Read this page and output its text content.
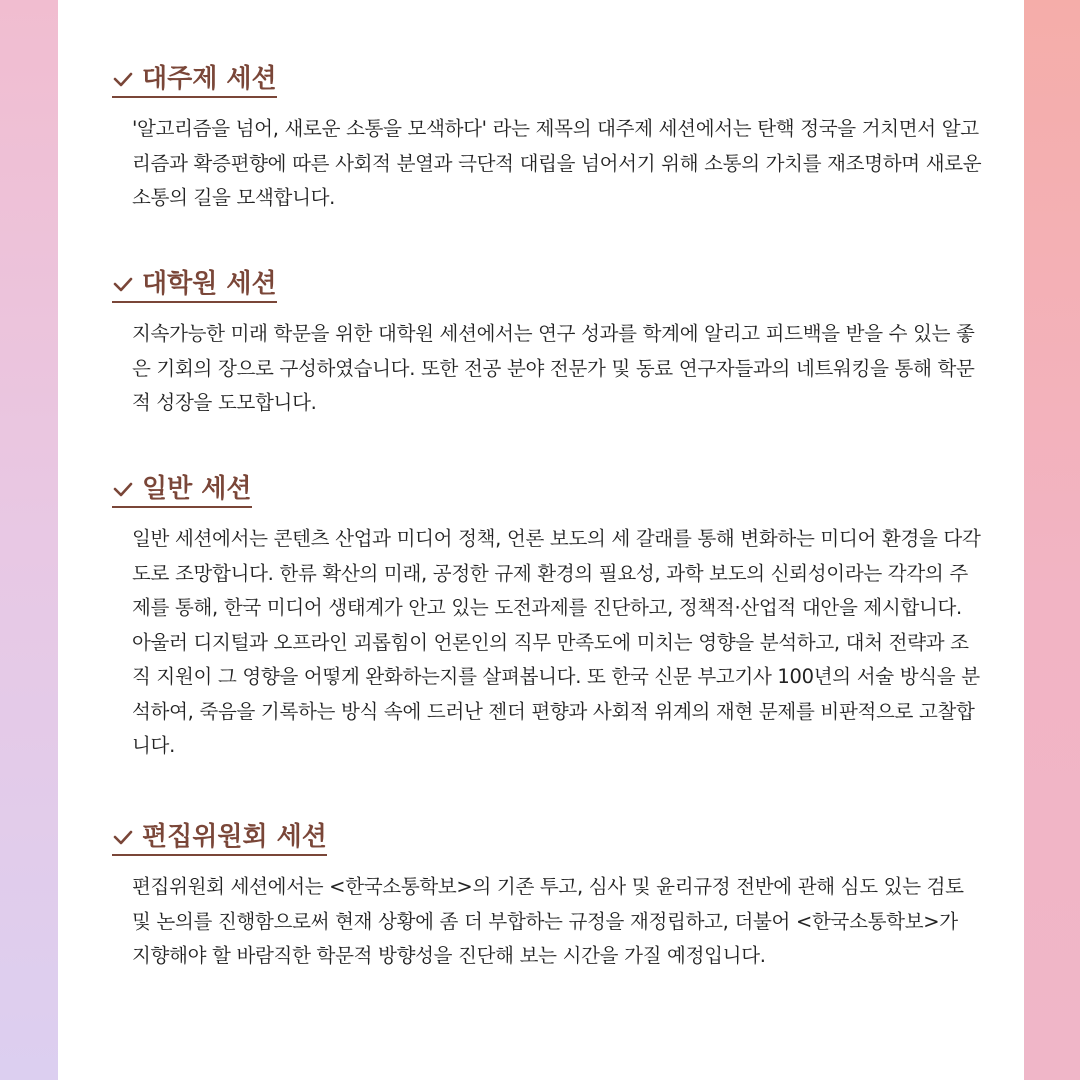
대주제 세션
'알고리즘을 넘어, 새로운 소통을 모색하다' 라는 제목의 대주제 세션에서는 탄핵 정국을 거치면서 알고리즘과 확증편향에 따른 사회적 분열과 극단적 대립을 넘어서기 위해 소통의 가치를 재조명하며 새로운 소통의 길을 모색합니다.
대학원 세션
지속가능한 미래 학문을 위한 대학원 세션에서는 연구 성과를 학계에 알리고 피드백을 받을 수 있는 좋은 기회의 장으로 구성하였습니다. 또한 전공 분야 전문가 및 동료 연구자들과의 네트워킹을 통해 학문적 성장을 도모합니다.
일반 세션
일반 세션에서는 콘텐츠 산업과 미디어 정책, 언론 보도의 세 갈래를 통해 변화하는 미디어 환경을 다각도로 조망합니다. 한류 확산의 미래, 공정한 규제 환경의 필요성, 과학 보도의 신뢰성이라는 각각의 주제를 통해, 한국 미디어 생태계가 안고 있는 도전과제를 진단하고, 정책적·산업적 대안을 제시합니다. 아울러 디지털과 오프라인 괴롭힘이 언론인의 직무 만족도에 미치는 영향을 분석하고, 대처 전략과 조직 지원이 그 영향을 어떻게 완화하는지를 살펴봅니다. 또 한국 신문 부고기사 100년의 서술 방식을 분석하여, 죽음을 기록하는 방식 속에 드러난 젠더 편향과 사회적 위계의 재현 문제를 비판적으로 고찰합니다.
편집위원회 세션
편집위원회 세션에서는 <한국소통학보>의 기존 투고, 심사 및 윤리규정 전반에 관해 심도 있는 검토 및 논의를 진행함으로써 현재 상황에 좀 더 부합하는 규정을 재정립하고, 더불어 <한국소통학보>가 지향해야 할 바람직한 학문적 방향성을 진단해 보는 시간을 가질 예정입니다.
